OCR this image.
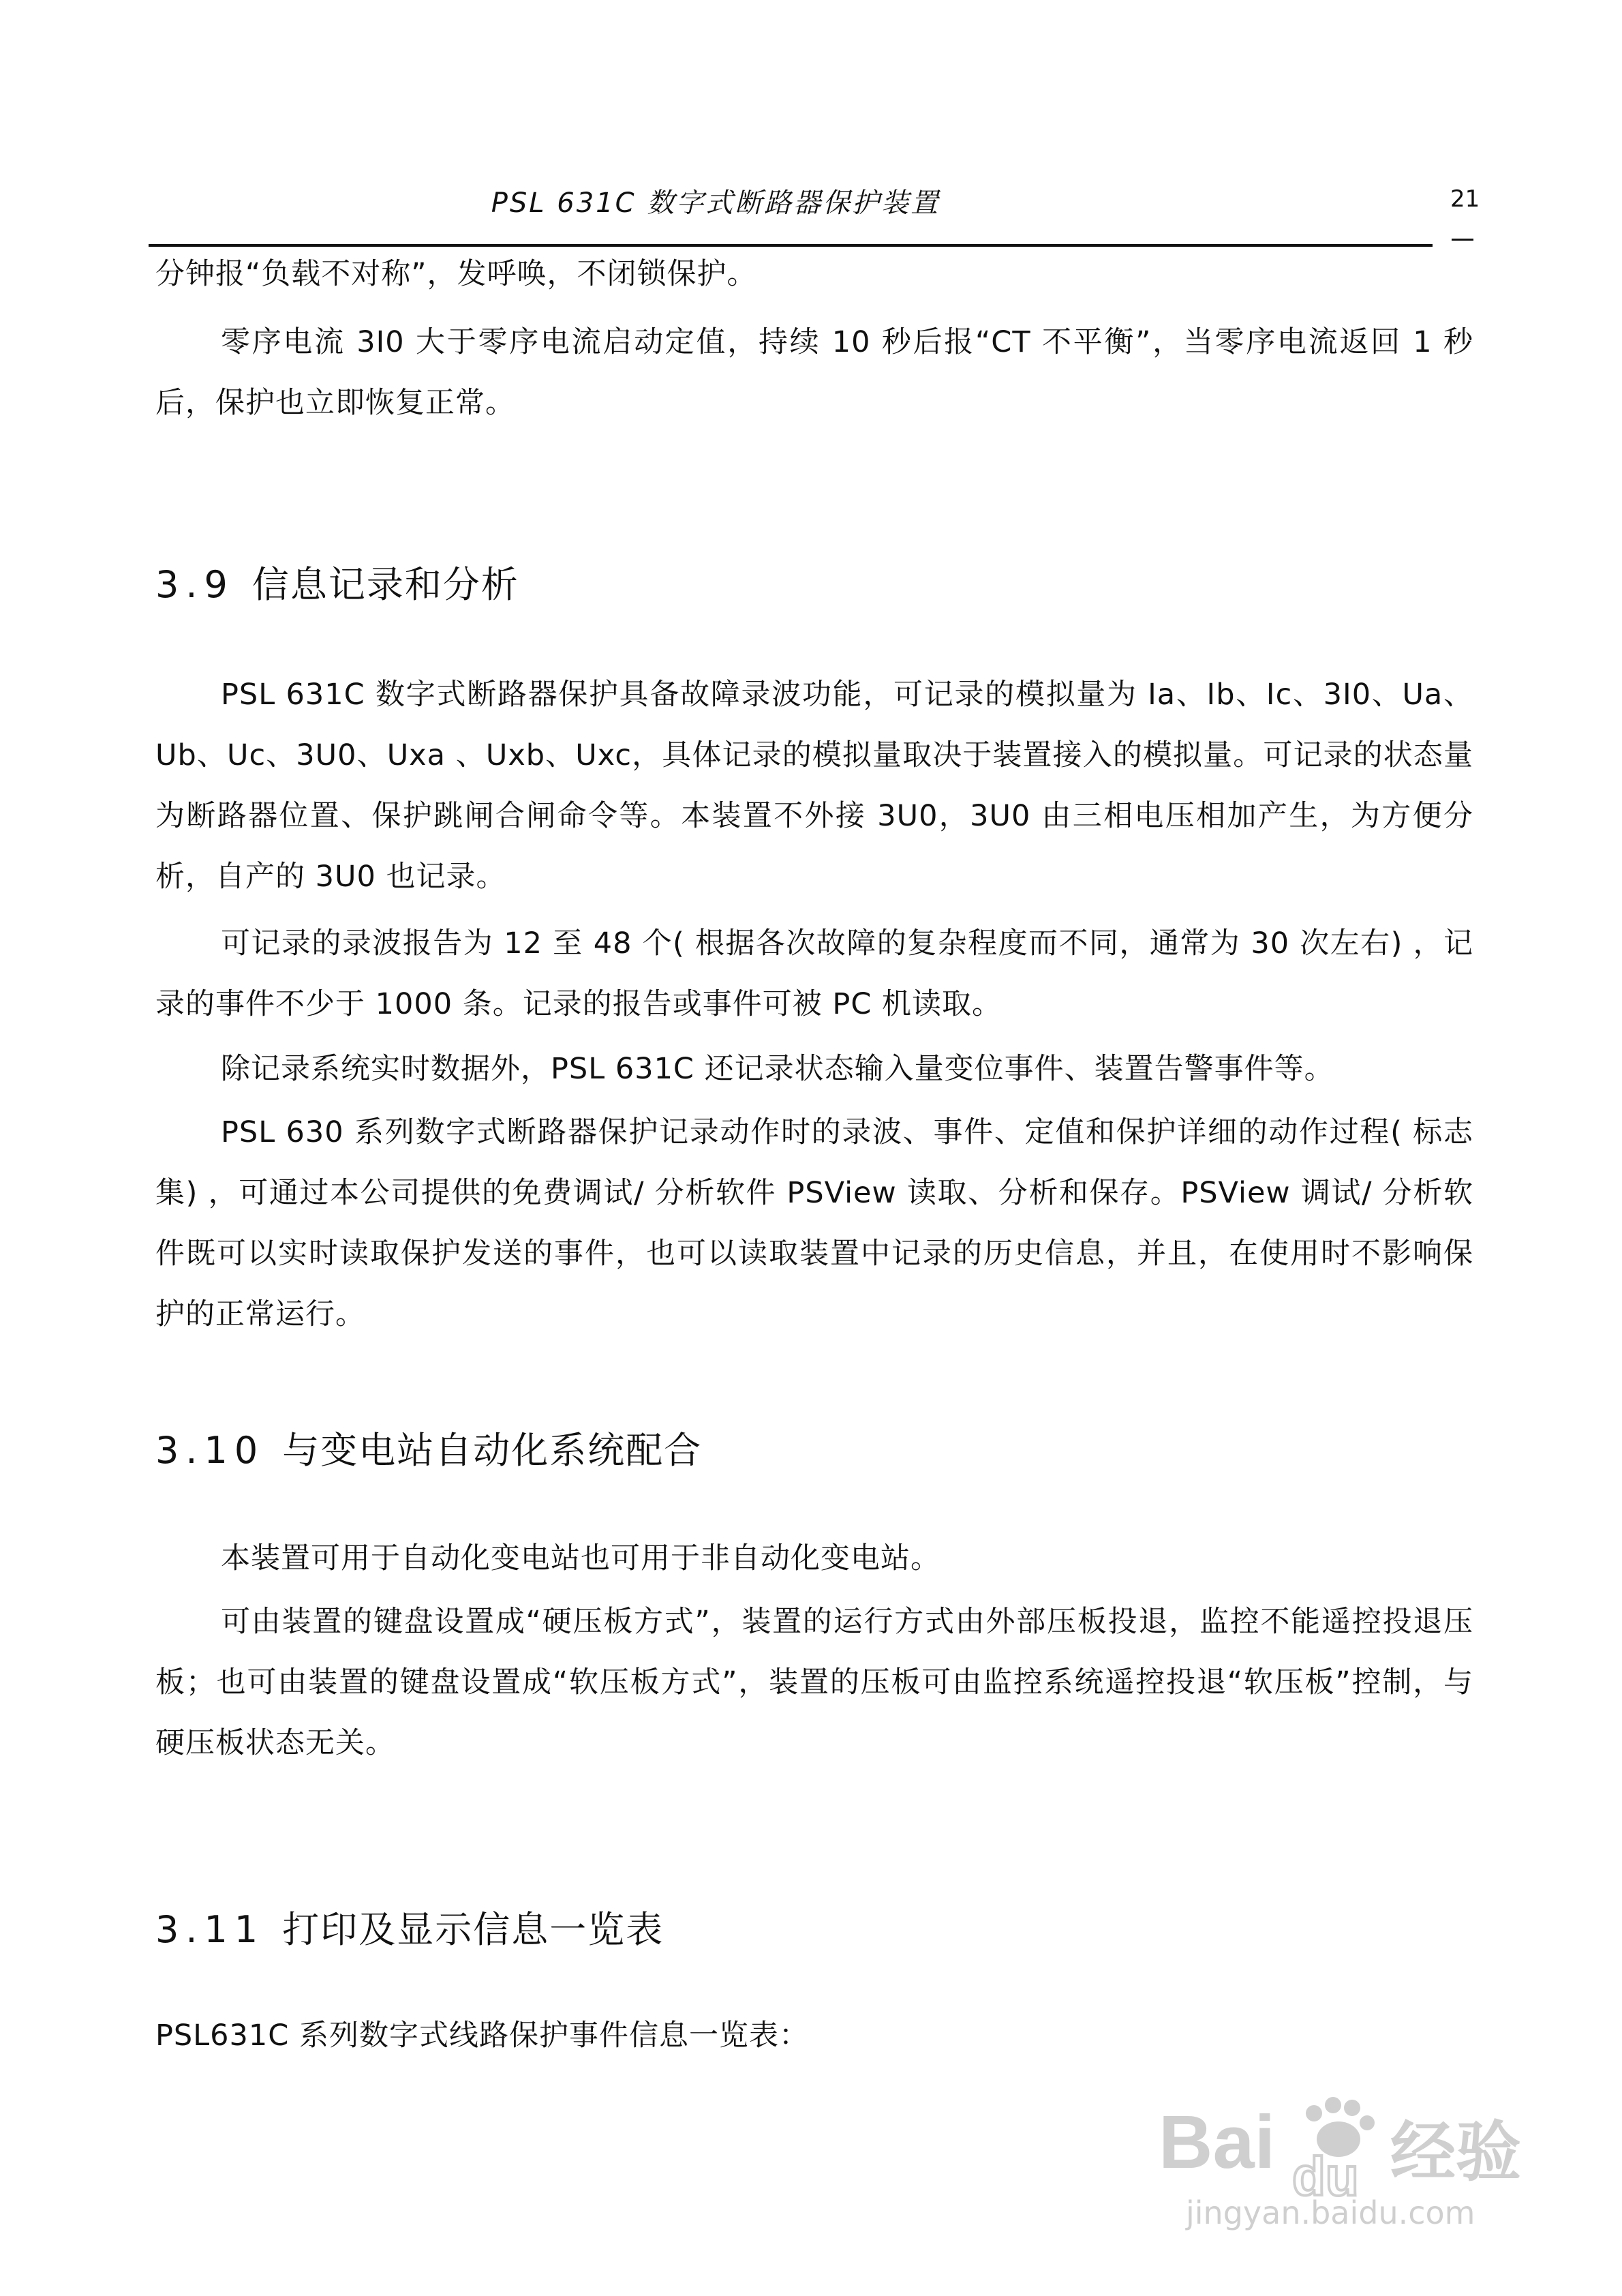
PSL 631C 数字式断路器保护装置	21
分钟报“负载不对称”，发呼唤，不闭锁保护。
零序电流 3I0 大于零序电流启动定值，持续 10 秒后报“CT 不平衡”，当零序电流返回 1 秒后，保护也立即恢复正常。
3.9 信息记录和分析
PSL 631C 数字式断路器保护具备故障录波功能，可记录的模拟量为 Ia、Ib、Ic、3I0、Ua、Ub、Uc、3U0、Uxa 、Uxb、Uxc，具体记录的模拟量取决于装置接入的模拟量。可记录的状态量为断路器位置、保护跳闸合闸命令等。本装置不外接 3U0，3U0 由三相电压相加产生，为方便分析，自产的 3U0 也记录。
可记录的录波报告为 12 至 48 个( 根据各次故障的复杂程度而不同，通常为 30 次左右) ，记录的事件不少于 1000 条。记录的报告或事件可被 PC 机读取。
除记录系统实时数据外，PSL 631C 还记录状态输入量变位事件、装置告警事件等。
PSL 630 系列数字式断路器保护记录动作时的录波、事件、定值和保护详细的动作过程( 标志集) ，可通过本公司提供的免费调试/ 分析软件 PSView 读取、分析和保存。PSView 调试/ 分析软件既可以实时读取保护发送的事件，也可以读取装置中记录的历史信息，并且，在使用时不影响保护的正常运行。
3.10 与变电站自动化系统配合
本装置可用于自动化变电站也可用于非自动化变电站。
可由装置的键盘设置成“硬压板方式”，装置的运行方式由外部压板投退，监控不能遥控投退压板；也可由装置的键盘设置成“软压板方式”，装置的压板可由监控系统遥控投退“软压板”控制，与硬压板状态无关。
3.11 打印及显示信息一览表
PSL631C 系列数字式线路保护事件信息一览表：
Bai du 经验
jingyan.baidu.com
